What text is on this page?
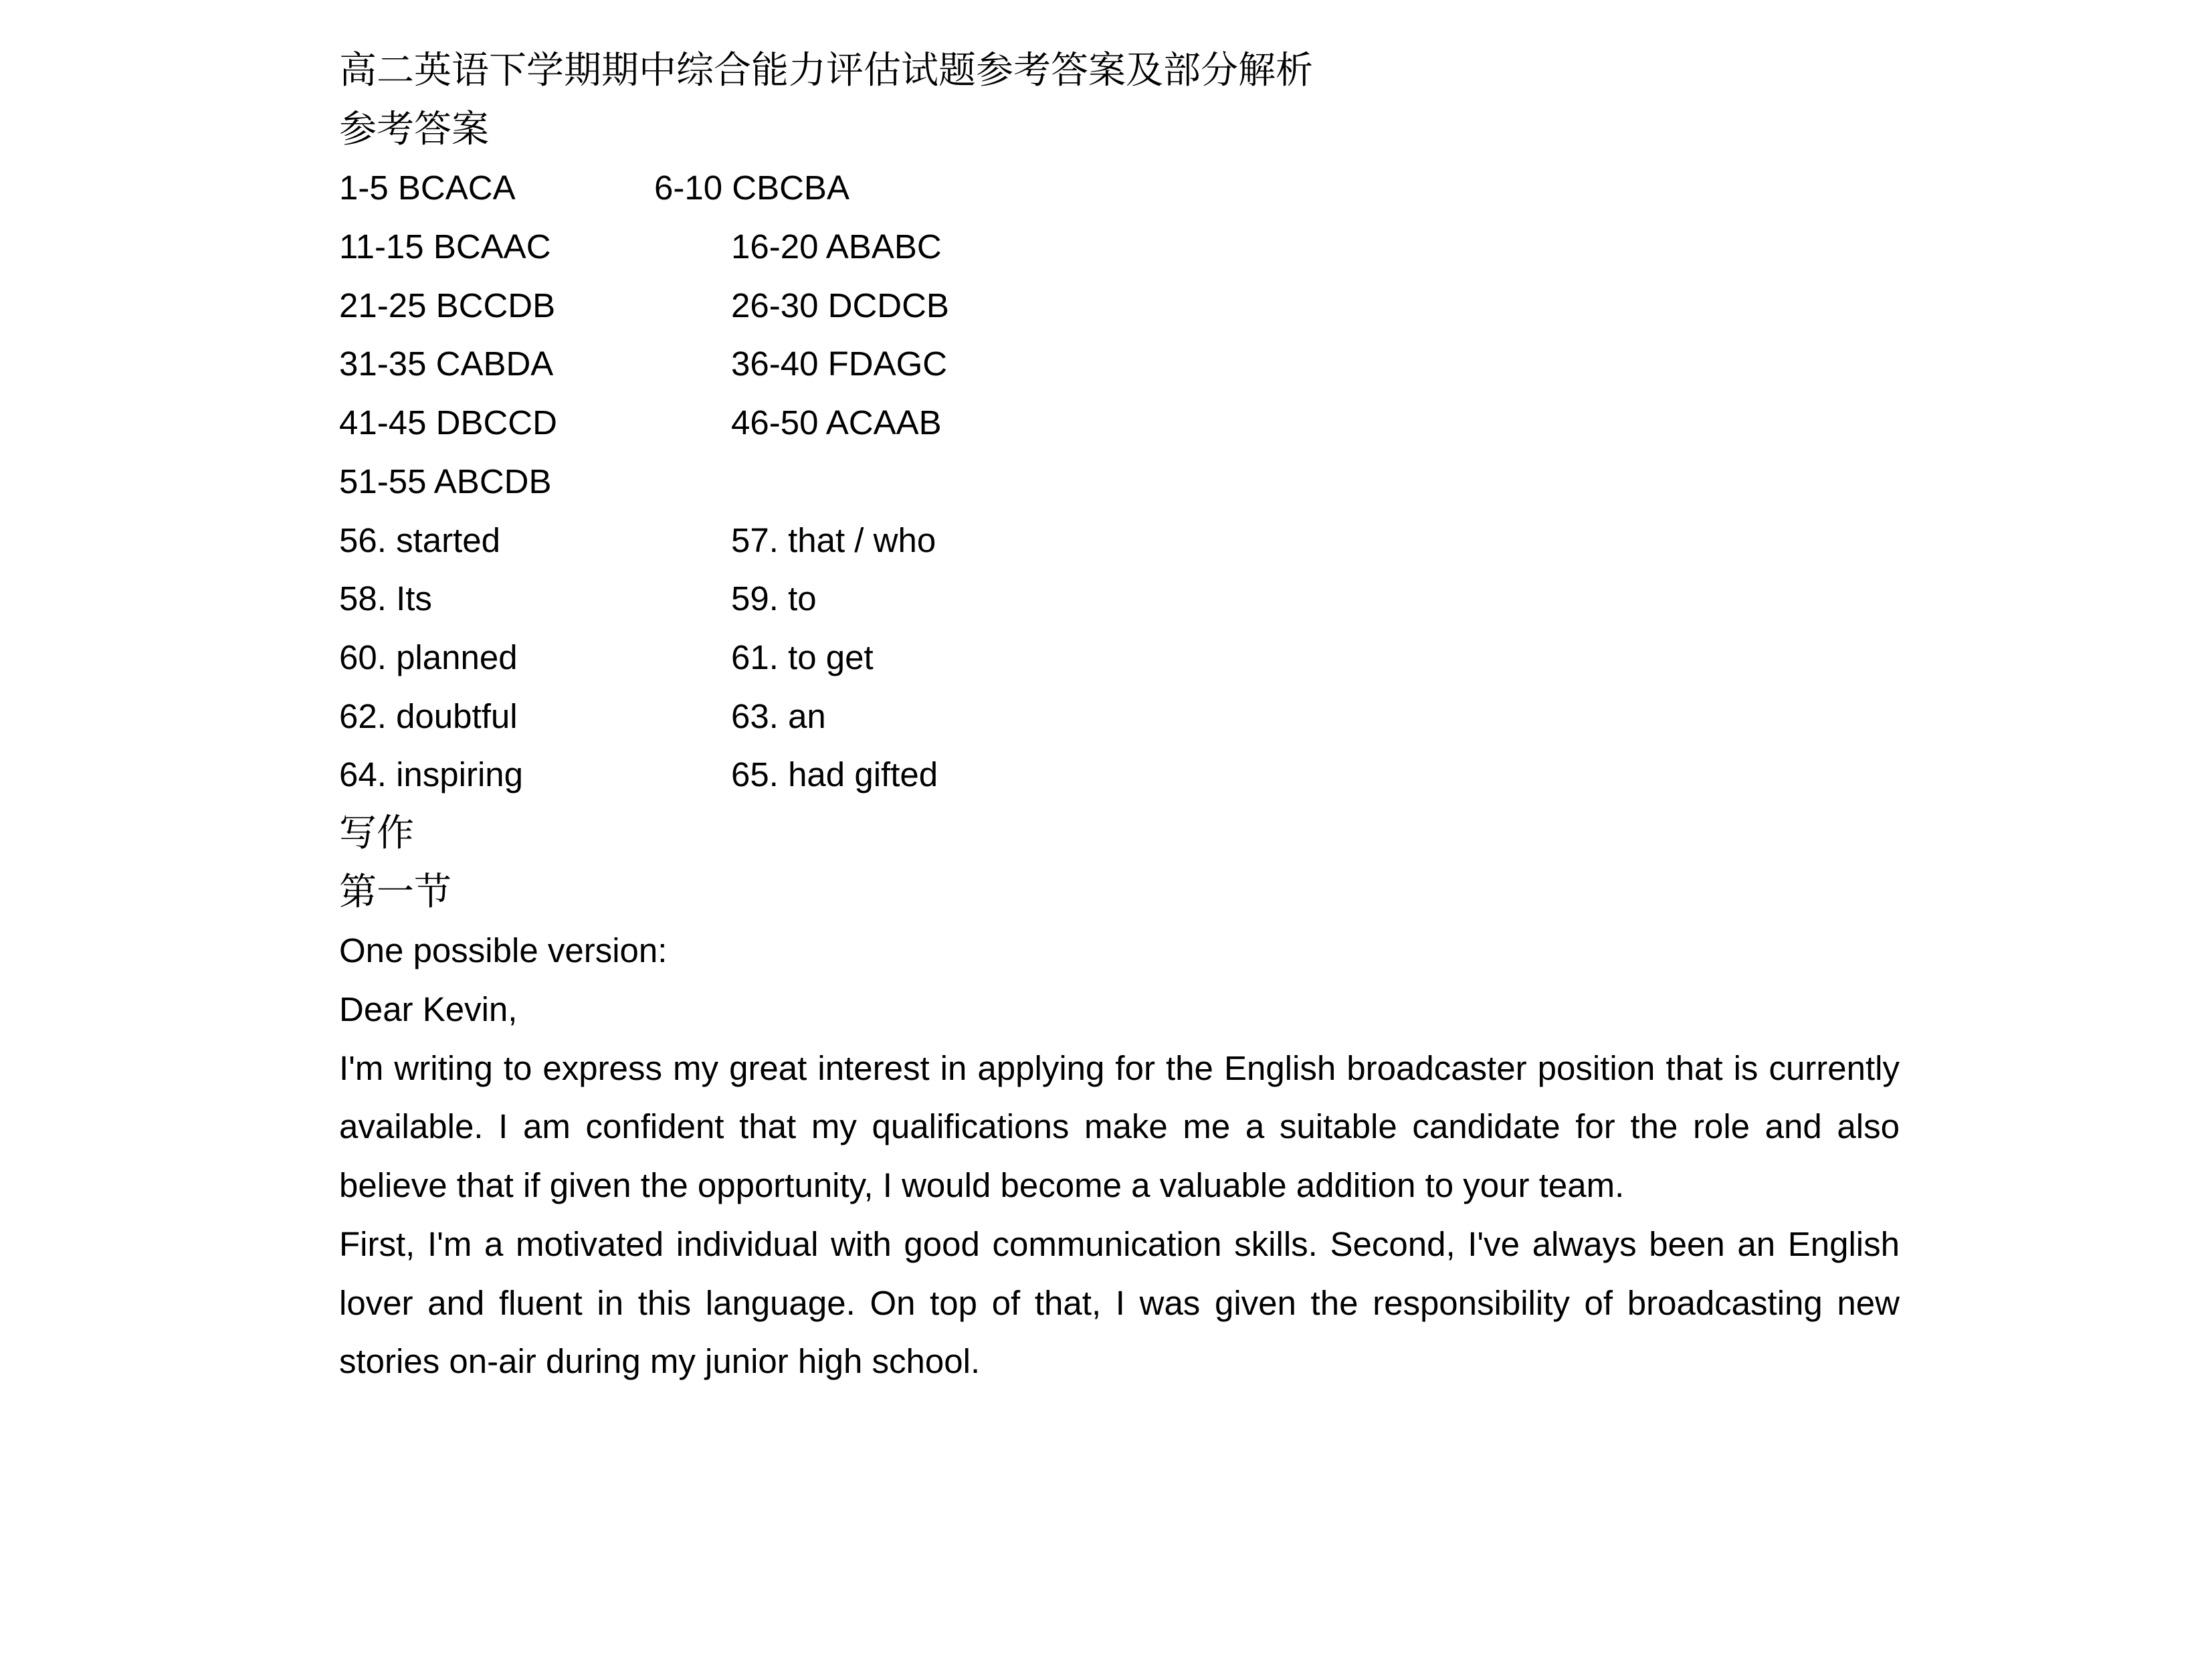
高二英语下学期期中综合能力评估试题参考答案及部分解析
参考答案
1-5 BCACA	6-10 CBCBA
11-15 BCAAC	16-20 ABABC
21-25 BCCDB	26-30 DCDCB
31-35 CABDA	36-40 FDAGC
41-45 DBCCD	46-50 ACAAB
51-55 ABCDB
56. started	57. that / who
58. Its	59. to
60. planned	61. to get
62. doubtful	63. an
64. inspiring	65. had gifted
写作
第一节
One possible version:
Dear Kevin,
I'm writing to express my great interest in applying for the English broadcaster position that is currently available. I am confident that my qualifications make me a suitable candidate for the role and also believe that if given the opportunity, I would become a valuable addition to your team.
First, I'm a motivated individual with good communication skills. Second, I've always been an English lover and fluent in this language. On top of that, I was given the responsibility of broadcasting new stories on-air during my junior high school.
